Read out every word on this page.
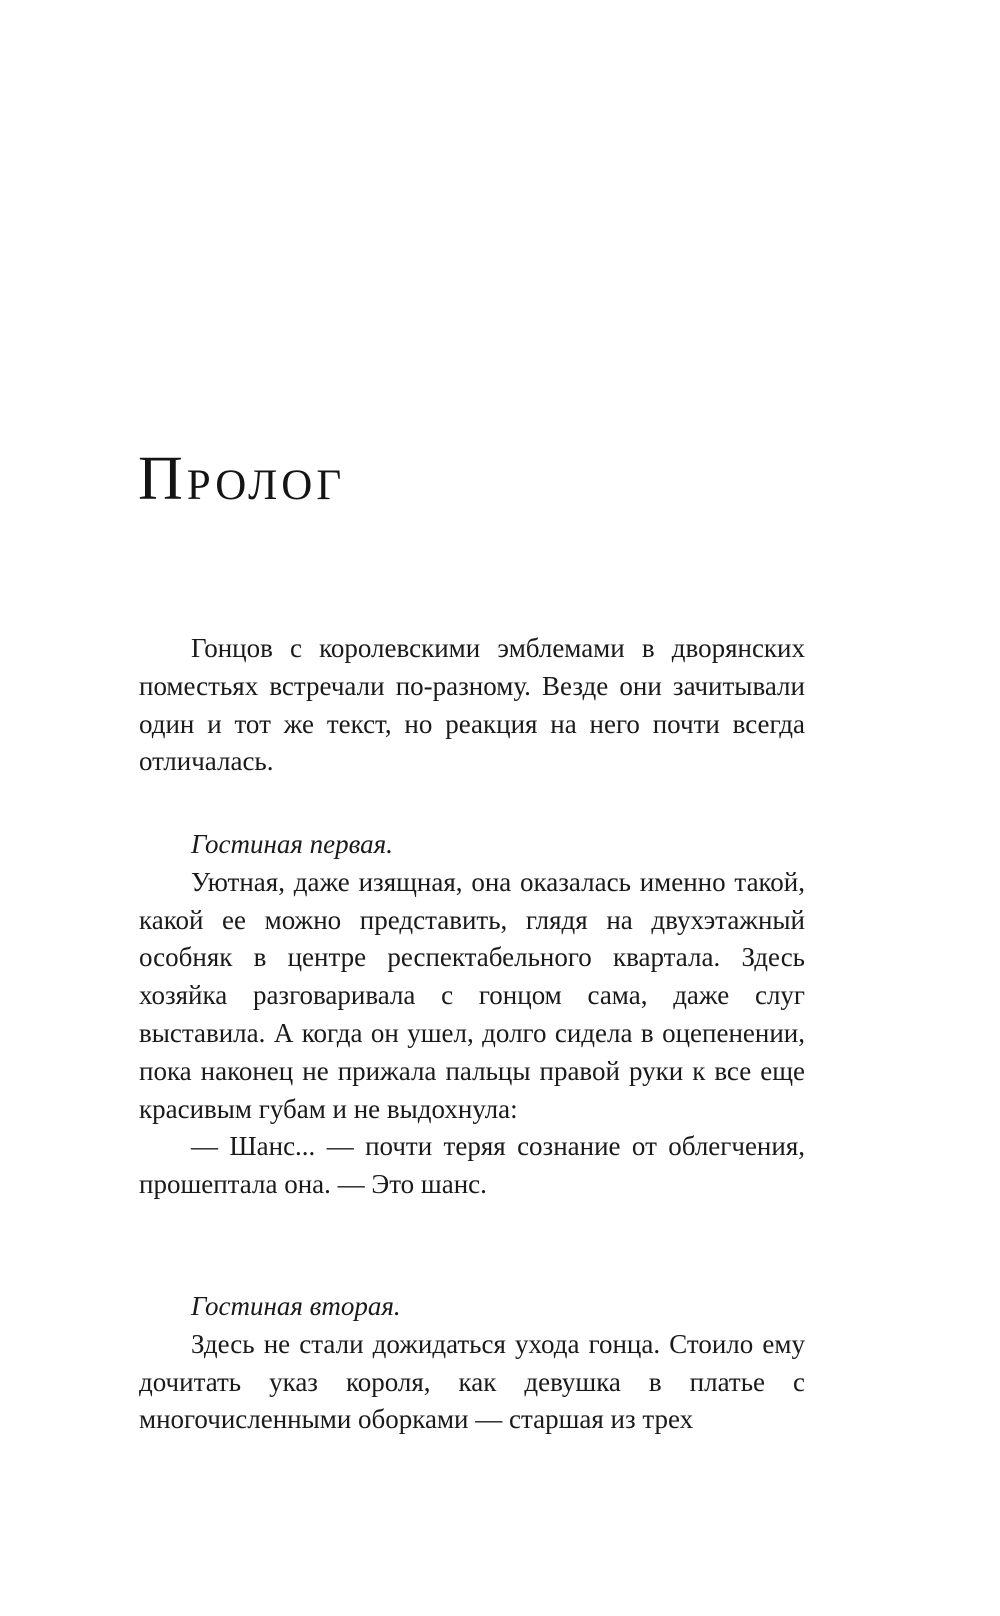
Пролог

Гонцов с королевскими эмблемами в дворянских поместьях встречали по-разному. Везде они зачитывали один и тот же текст, но реакция на него почти всегда отличалась.

Гостиная первая.

Уютная, даже изящная, она оказалась именно такой, какой ее можно представить, глядя на двухэтажный особняк в центре респектабельного квартала. Здесь хозяйка разговаривала с гонцом сама, даже слуг выставила. А когда он ушел, долго сидела в оцепенении, пока наконец не прижала пальцы правой руки к все еще красивым губам и не выдохнула:

— Шанс... — почти теряя сознание от облегчения, прошептала она. — Это шанс.

Гостиная вторая.

Здесь не стали дожидаться ухода гонца. Стоило ему дочитать указ короля, как девушка в платье с многочисленными оборками — старшая из трех
